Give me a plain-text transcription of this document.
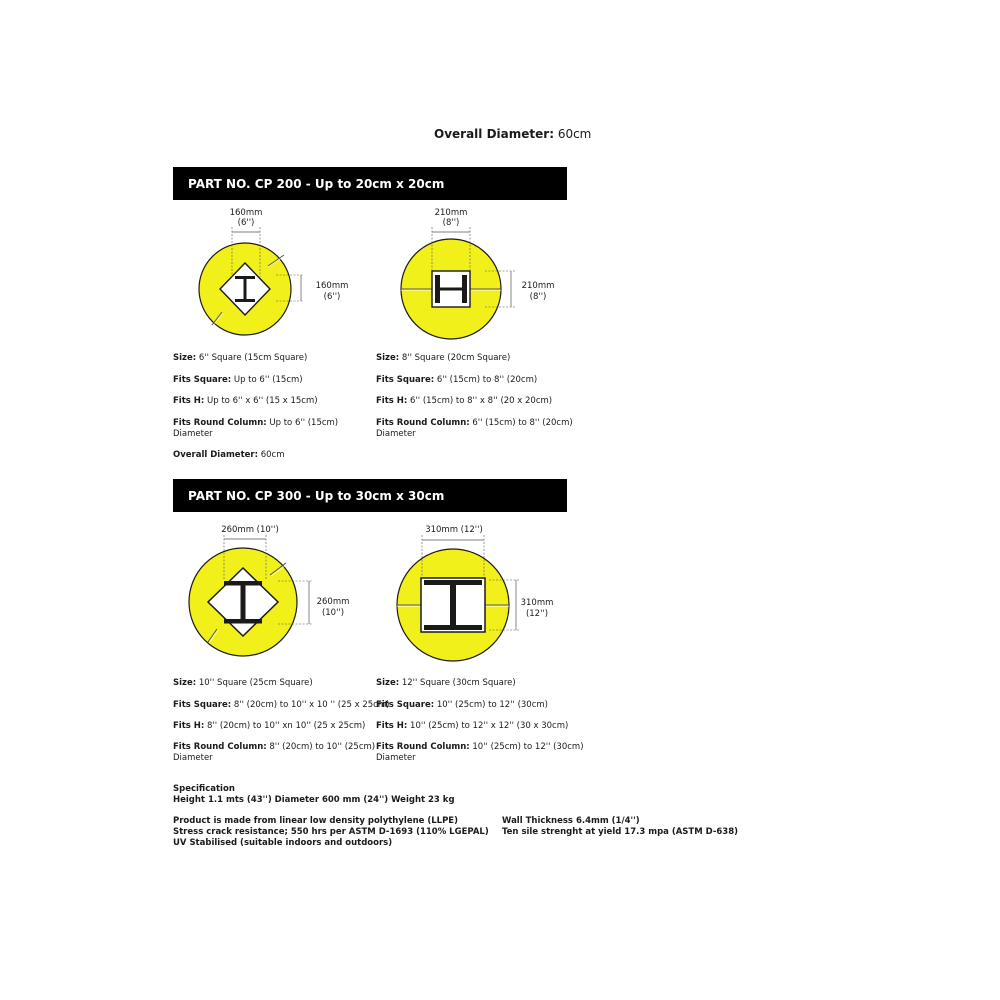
Overall Diameter: 60cm
PART NO. CP 200 - Up to 20cm x 20cm
160mm
(6'')
160mm
(6'')
210mm
(8'')
210mm
(8'')
Size: 6'' Square (15cm Square)
Fits Square: Up to 6'' (15cm)
Fits H: Up to 6'' x 6'' (15 x 15cm)
Fits Round Column: Up to 6'' (15cm)
Diameter
Overall Diameter: 60cm
Size: 8'' Square (20cm Square)
Fits Square: 6'' (15cm) to 8'' (20cm)
Fits H: 6'' (15cm) to 8'' x 8'' (20 x 20cm)
Fits Round Column: 6'' (15cm) to 8'' (20cm)
Diameter
PART NO. CP 300 - Up to 30cm x 30cm
260mm (10'')
260mm
(10'')
310mm (12'')
310mm
(12'')
Size: 10'' Square (25cm Square)
Fits Square: 8'' (20cm) to 10'' x 10 '' (25 x 25cm)
Fits H: 8'' (20cm) to 10'' xn 10'' (25 x 25cm)
Fits Round Column: 8'' (20cm) to 10'' (25cm)
Diameter
Size: 12'' Square (30cm Square)
Fits Square: 10'' (25cm) to 12'' (30cm)
Fits H: 10'' (25cm) to 12'' x 12'' (30 x 30cm)
Fits Round Column: 10'' (25cm) to 12'' (30cm)
Diameter
Specification
Height 1.1 mts (43'') Diameter 600 mm (24'') Weight 23 kg
Product is made from linear low density polythylene (LLPE)
Stress crack resistance; 550 hrs per ASTM D-1693 (110% LGEPAL)
UV Stabilised (suitable indoors and outdoors)
Wall Thickness 6.4mm (1/4'')
Ten sile strenght at yield 17.3 mpa (ASTM D-638)
